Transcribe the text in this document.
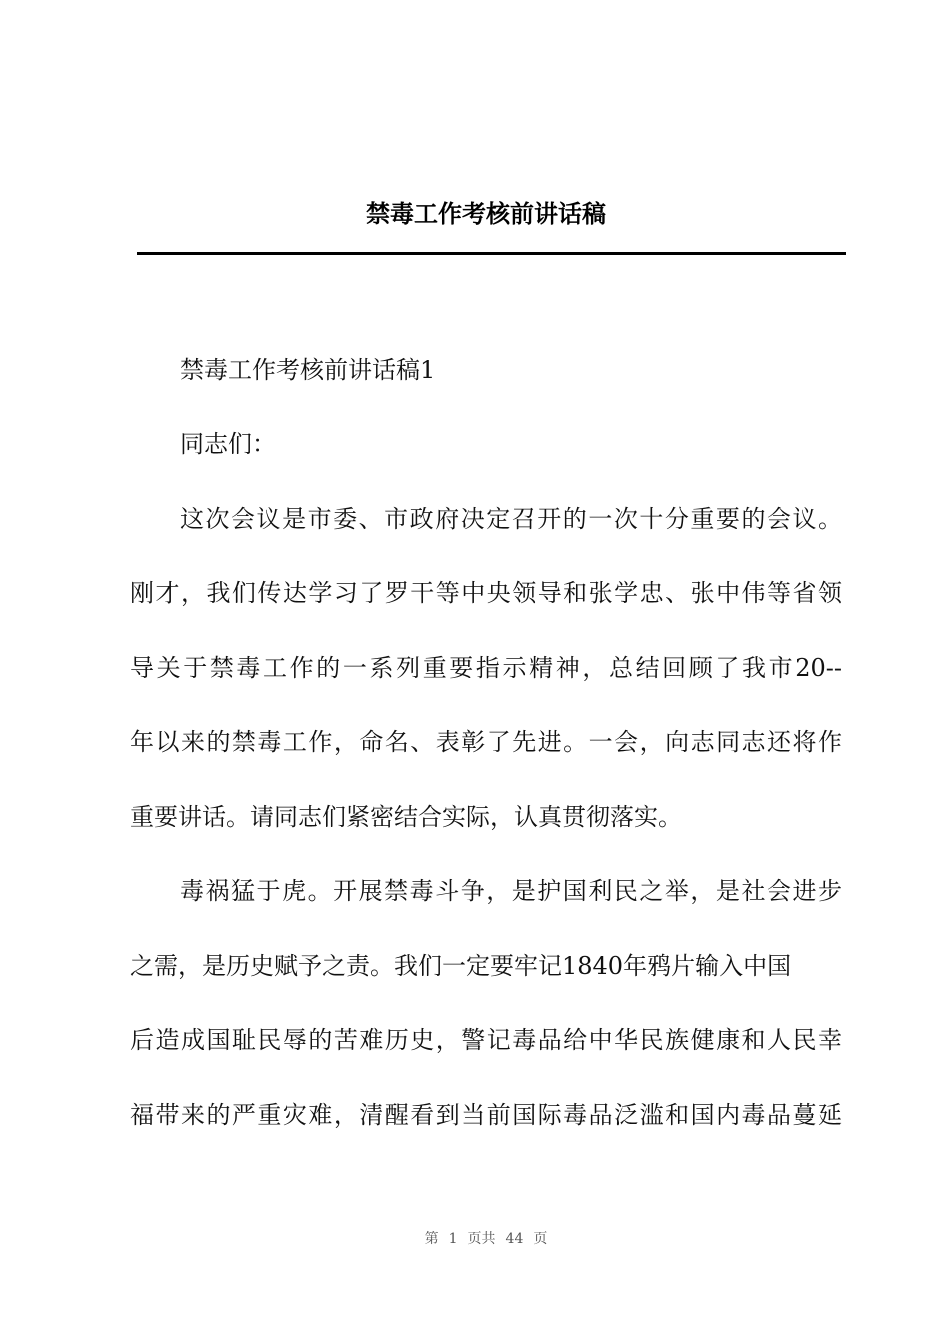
禁毒工作考核前讲话稿
禁毒工作考核前讲话稿1
同志们：
这次会议是市委、市政府决定召开的一次十分重要的会议。
刚才，我们传达学习了罗干等中央领导和张学忠、张中伟等省领
导关于禁毒工作的一系列重要指示精神，总结回顾了我市20--
年以来的禁毒工作，命名、表彰了先进。一会，向志同志还将作
重要讲话。请同志们紧密结合实际，认真贯彻落实。
毒祸猛于虎。开展禁毒斗争，是护国利民之举，是社会进步
之需，是历史赋予之责。我们一定要牢记1840年鸦片输入中国
后造成国耻民辱的苦难历史，警记毒品给中华民族健康和人民幸
福带来的严重灾难，清醒看到当前国际毒品泛滥和国内毒品蔓延
第 1 页共 44 页
